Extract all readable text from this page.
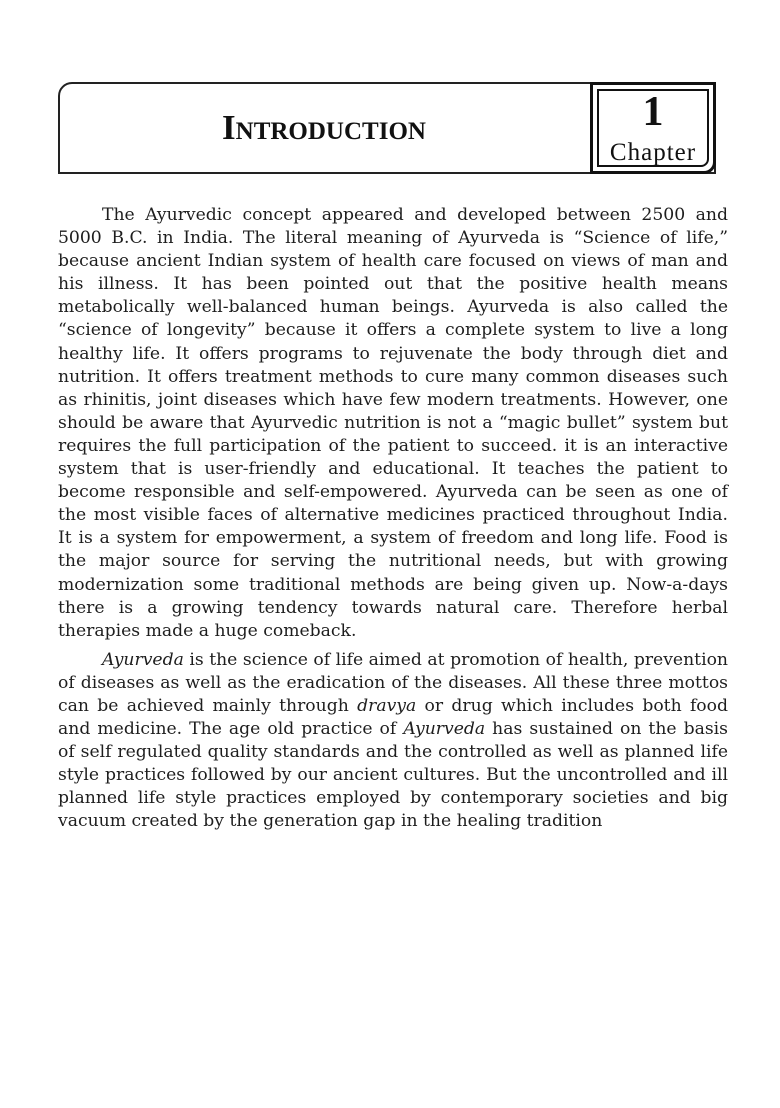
Introduction	1
Chapter

The Ayurvedic concept appeared and developed between 2500 and 5000 B.C. in India. The literal meaning of Ayurveda is “Science of life,” because ancient Indian system of health care focused on views of man and his illness. It has been pointed out that the positive health means metabolically well-balanced human beings. Ayurveda is also called the “science of longevity” because it offers a complete system to live a long healthy life. It offers programs to rejuvenate the body through diet and nutrition. It offers treatment methods to cure many common diseases such as rhinitis, joint diseases which have few modern treatments. However, one should be aware that Ayurvedic nutrition is not a “magic bullet” system but requires the full participation of the patient to succeed. it is an interactive system that is user-friendly and educational. It teaches the patient to become responsible and self-empowered. Ayurveda can be seen as one of the most visible faces of alternative medicines practiced throughout India. It is a system for empowerment, a system of freedom and long life. Food is the major source for serving the nutritional needs, but with growing modernization some traditional methods are being given up. Now-a-days there is a growing tendency towards natural care. Therefore herbal therapies made a huge comeback.

Ayurveda is the science of life aimed at promotion of health, prevention of diseases as well as the eradication of the diseases. All these three mottos can be achieved mainly through dravya or drug which includes both food and medicine. The age old practice of Ayurveda has sustained on the basis of self regulated quality standards and the controlled as well as planned life style practices followed by our ancient cultures. But the uncontrolled and ill planned life style practices employed by contemporary societies and big vacuum created by the generation gap in the healing tradition
